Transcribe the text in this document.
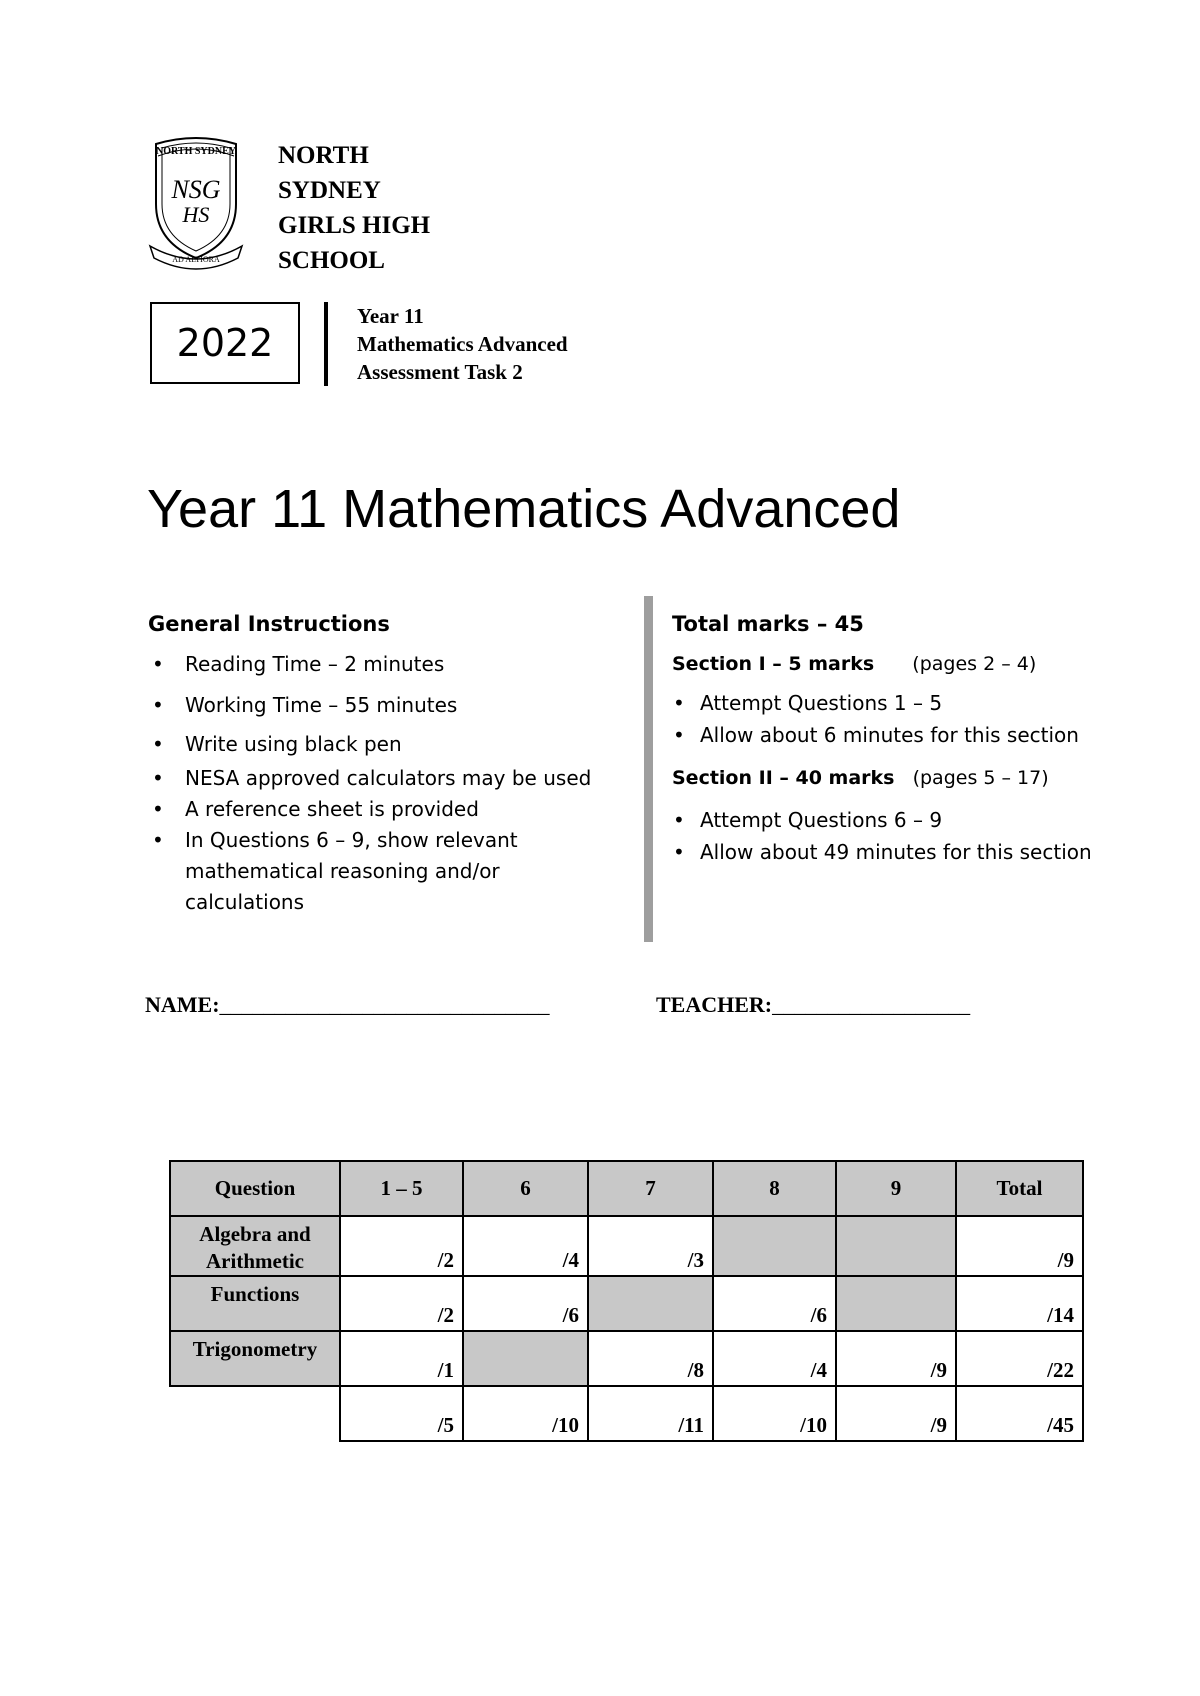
NORTH SYDNEY
NSG
HS
AD ALTIORA
NORTH
SYDNEY
GIRLS HIGH
SCHOOL
2022
Year 11
Mathematics Advanced
Assessment Task 2
Year 11 Mathematics Advanced
General Instructions
• Reading Time – 2 minutes
• Working Time – 55 minutes
• Write using black pen
• NESA approved calculators may be used
• A reference sheet is provided
• In Questions 6 – 9, show relevant mathematical reasoning and/or calculations
Total marks – 45
Section I – 5 marks (pages 2 – 4)
• Attempt Questions 1 – 5
• Allow about 6 minutes for this section
Section II – 40 marks (pages 5 – 17)
• Attempt Questions 6 – 9
• Allow about 49 minutes for this section
NAME:______________________________	TEACHER:__________________
Question	1 – 5	6	7	8	9	Total
Algebra and Arithmetic	/2	/4	/3			/9
Functions	/2	/6		/6		/14
Trigonometry	/1		/8	/4	/9	/22
	/5	/10	/11	/10	/9	/45
